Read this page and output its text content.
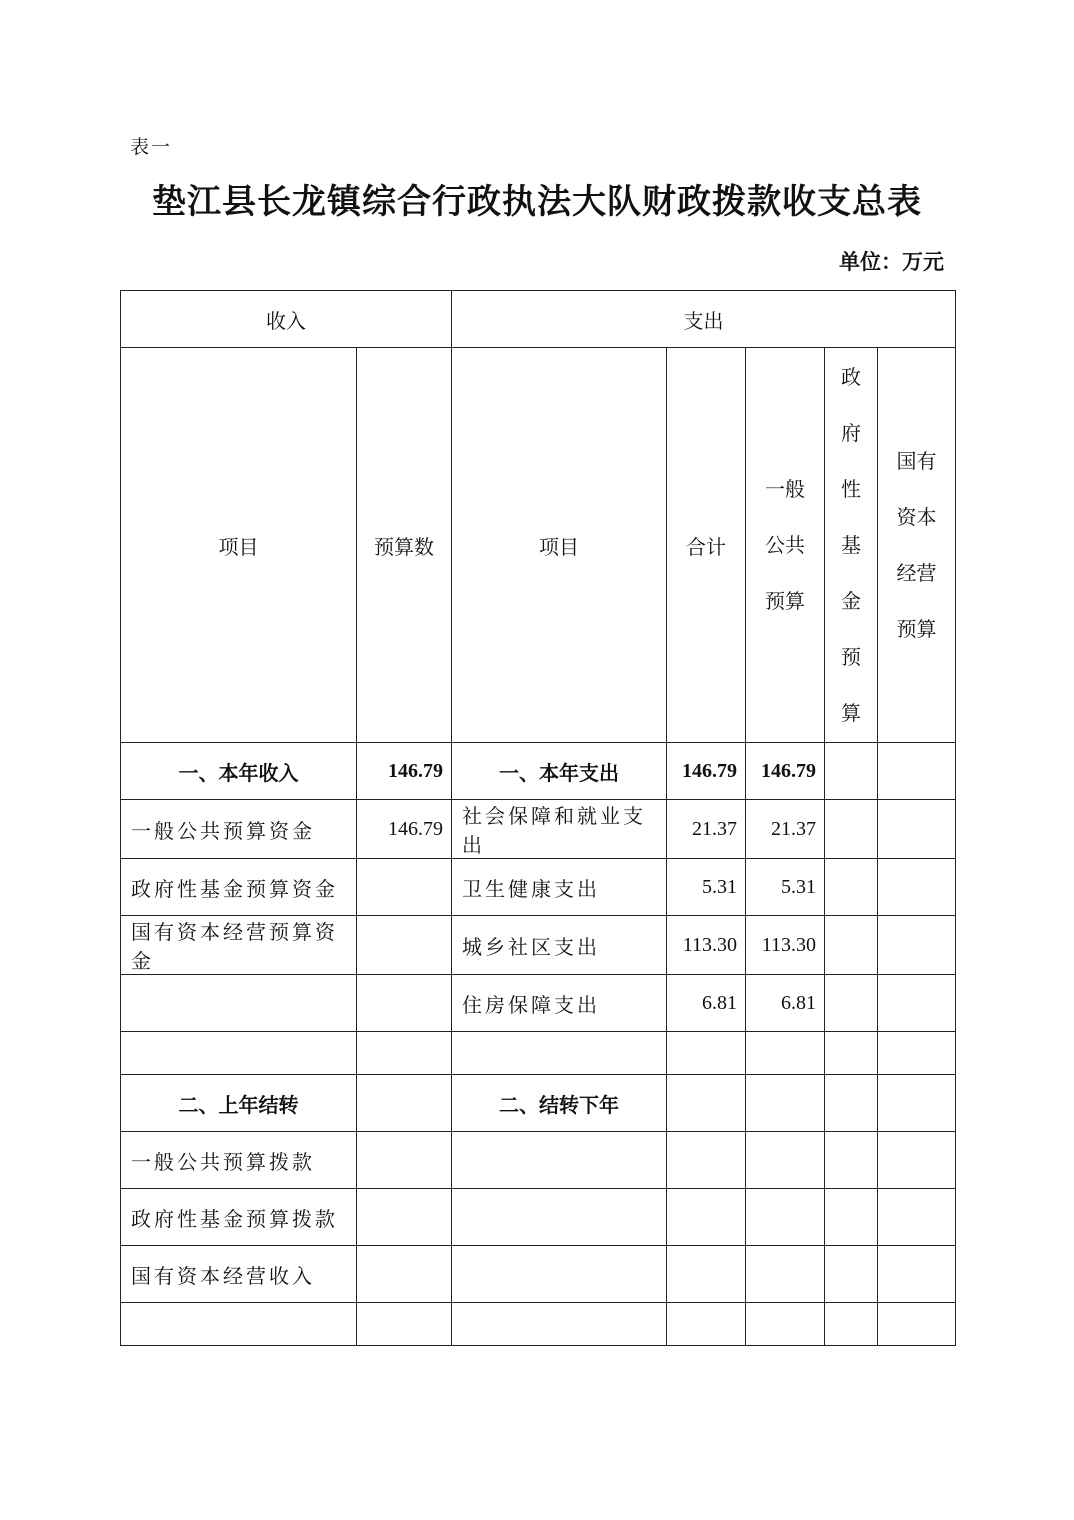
表一
垫江县长龙镇综合行政执法大队财政拨款收支总表
单位：万元
收入		支出				
项目	预算数	项目	合计	一般公共预算	政府性基金预算	国有资本经营预算
一、本年收入	146.79	一、本年支出	146.79	146.79		
一般公共预算资金	146.79	社会保障和就业支出	21.37	21.37		
政府性基金预算资金		卫生健康支出	5.31	5.31		
国有资本经营预算资金		城乡社区支出	113.30	113.30		
		住房保障支出	6.81	6.81		

二、上年结转		二、结转下年				
一般公共预算拨款						
政府性基金预算拨款						
国有资本经营收入						
